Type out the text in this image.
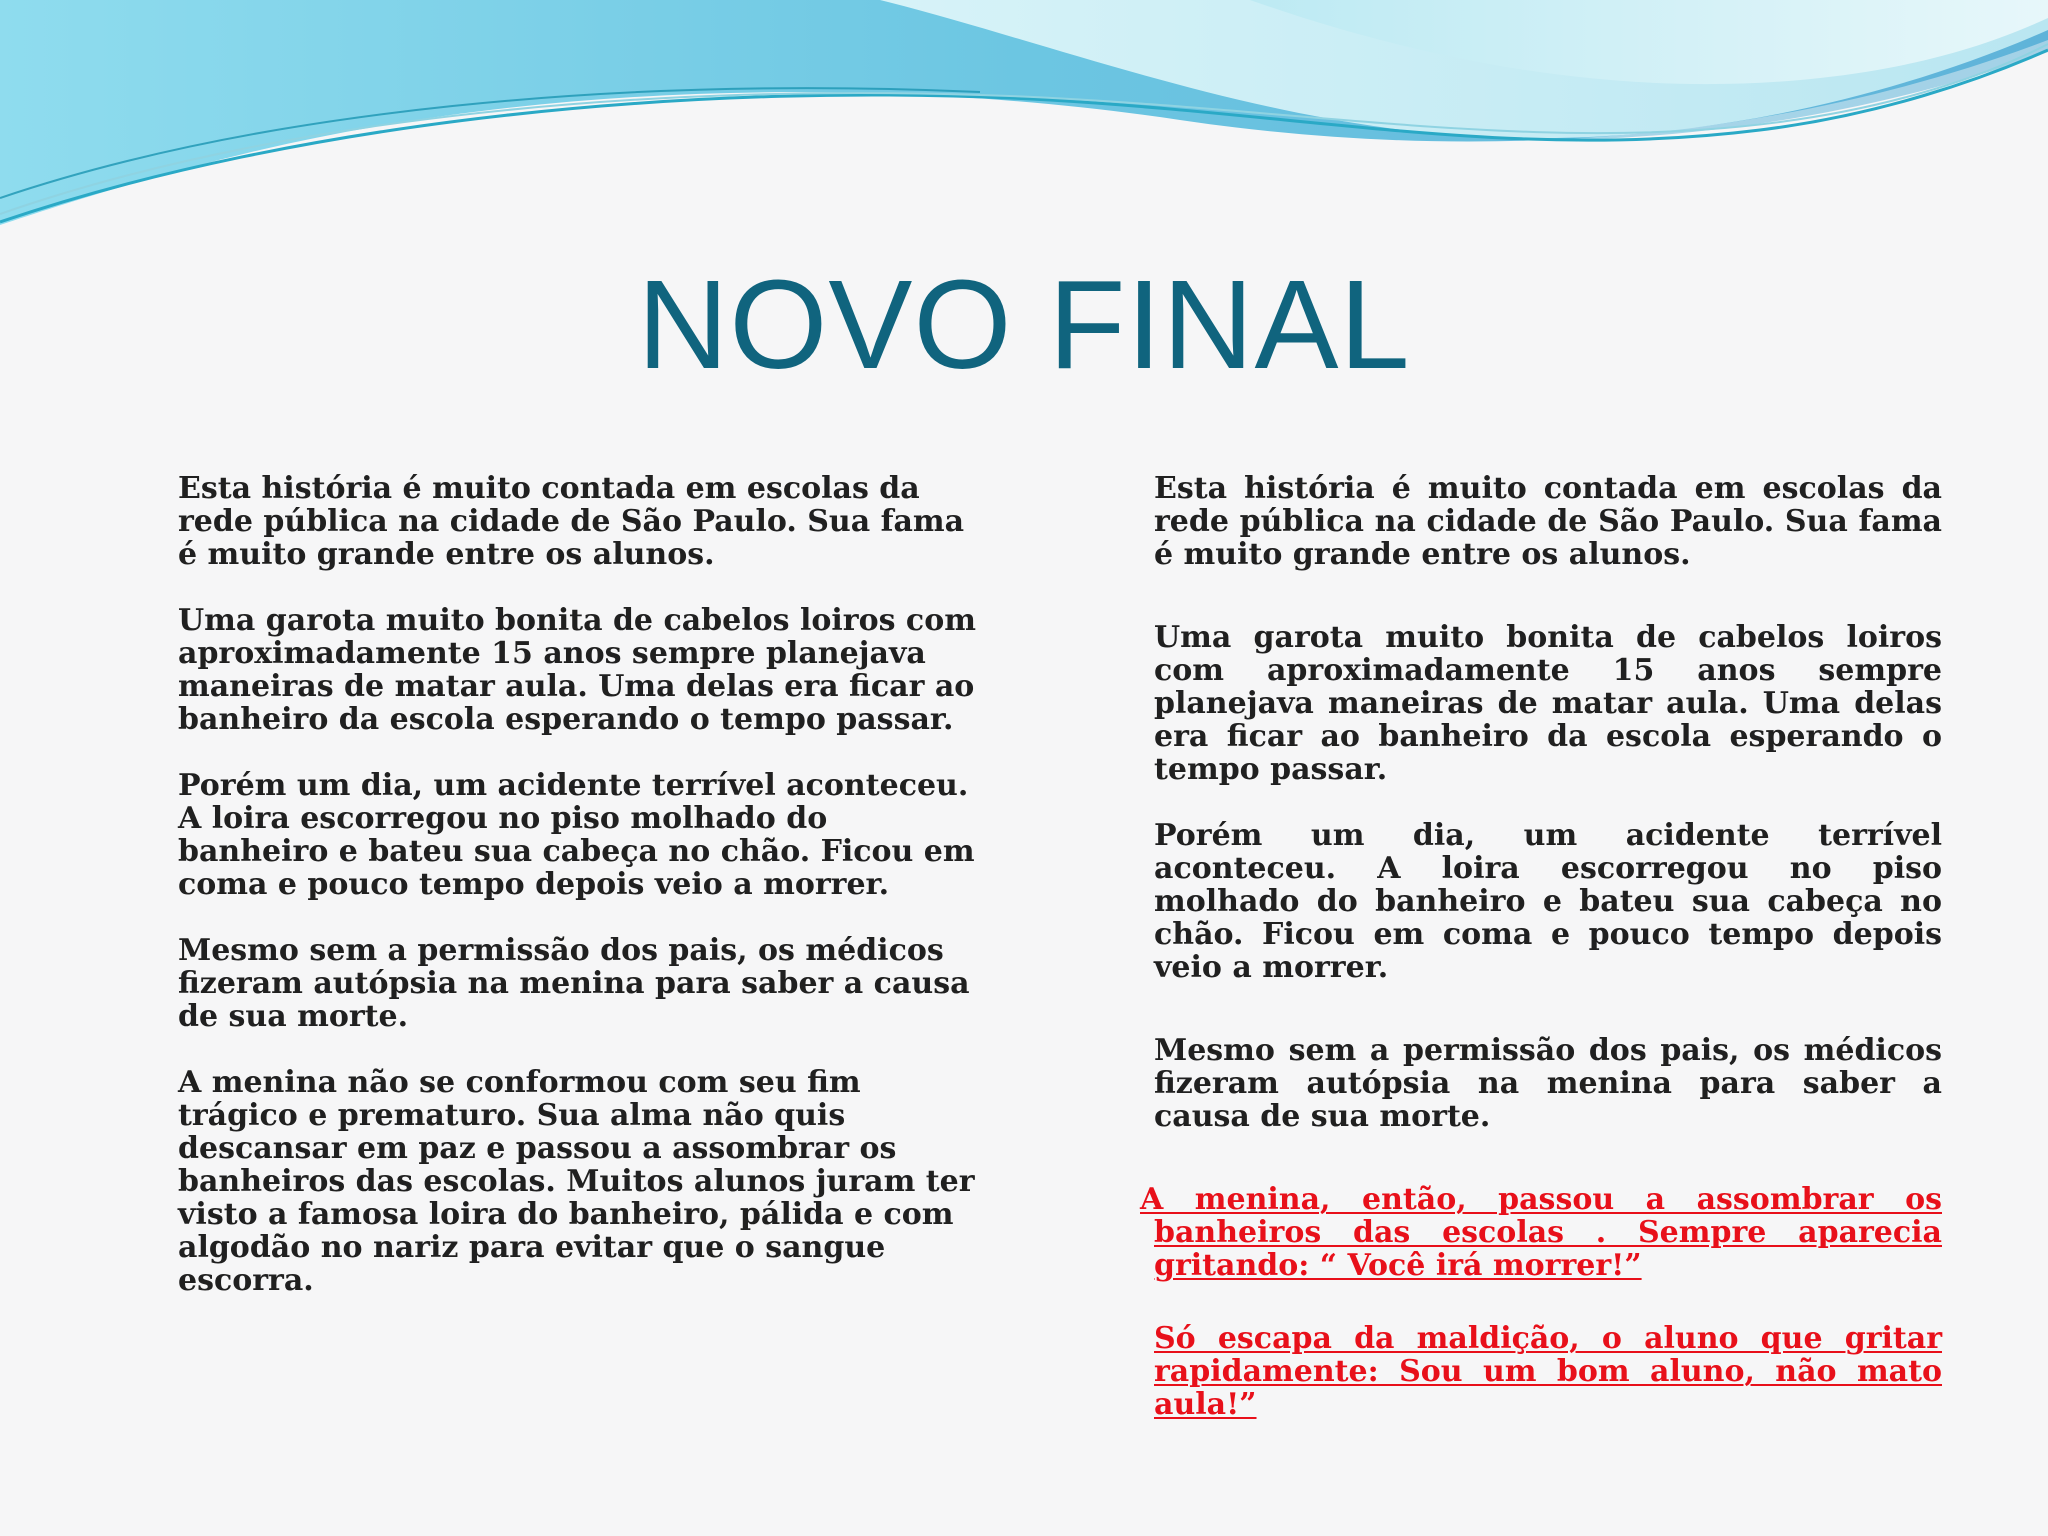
NOVO FINAL

Esta história é muito contada em escolas da rede pública na cidade de São Paulo. Sua fama é muito grande entre os alunos.

Uma garota muito bonita de cabelos loiros com aproximadamente 15 anos sempre planejava maneiras de matar aula. Uma delas era ficar ao banheiro da escola esperando o tempo passar.

Porém um dia, um acidente terrível aconteceu. A loira escorregou no piso molhado do banheiro e bateu sua cabeça no chão. Ficou em coma e pouco tempo depois veio a morrer.

Mesmo sem a permissão dos pais, os médicos fizeram autópsia na menina para saber a causa de sua morte.

A menina não se conformou com seu fim trágico e prematuro. Sua alma não quis descansar em paz e passou a assombrar os banheiros das escolas. Muitos alunos juram ter visto a famosa loira do banheiro, pálida e com algodão no nariz para evitar que o sangue escorra.

Esta história é muito contada em escolas da rede pública na cidade de São Paulo. Sua fama é muito grande entre os alunos.

Uma garota muito bonita de cabelos loiros com aproximadamente 15 anos sempre planejava maneiras de matar aula. Uma delas era ficar ao banheiro da escola esperando o tempo passar.

Porém um dia, um acidente terrível aconteceu. A loira escorregou no piso molhado do banheiro e bateu sua cabeça no chão. Ficou em coma e pouco tempo depois veio a morrer.

Mesmo sem a permissão dos pais, os médicos fizeram autópsia na menina para saber a causa de sua morte.

A menina, então, passou a assombrar os banheiros das escolas . Sempre aparecia gritando: “ Você irá morrer!”

Só escapa da maldição, o aluno que gritar rapidamente: Sou um bom aluno, não mato aula!”
